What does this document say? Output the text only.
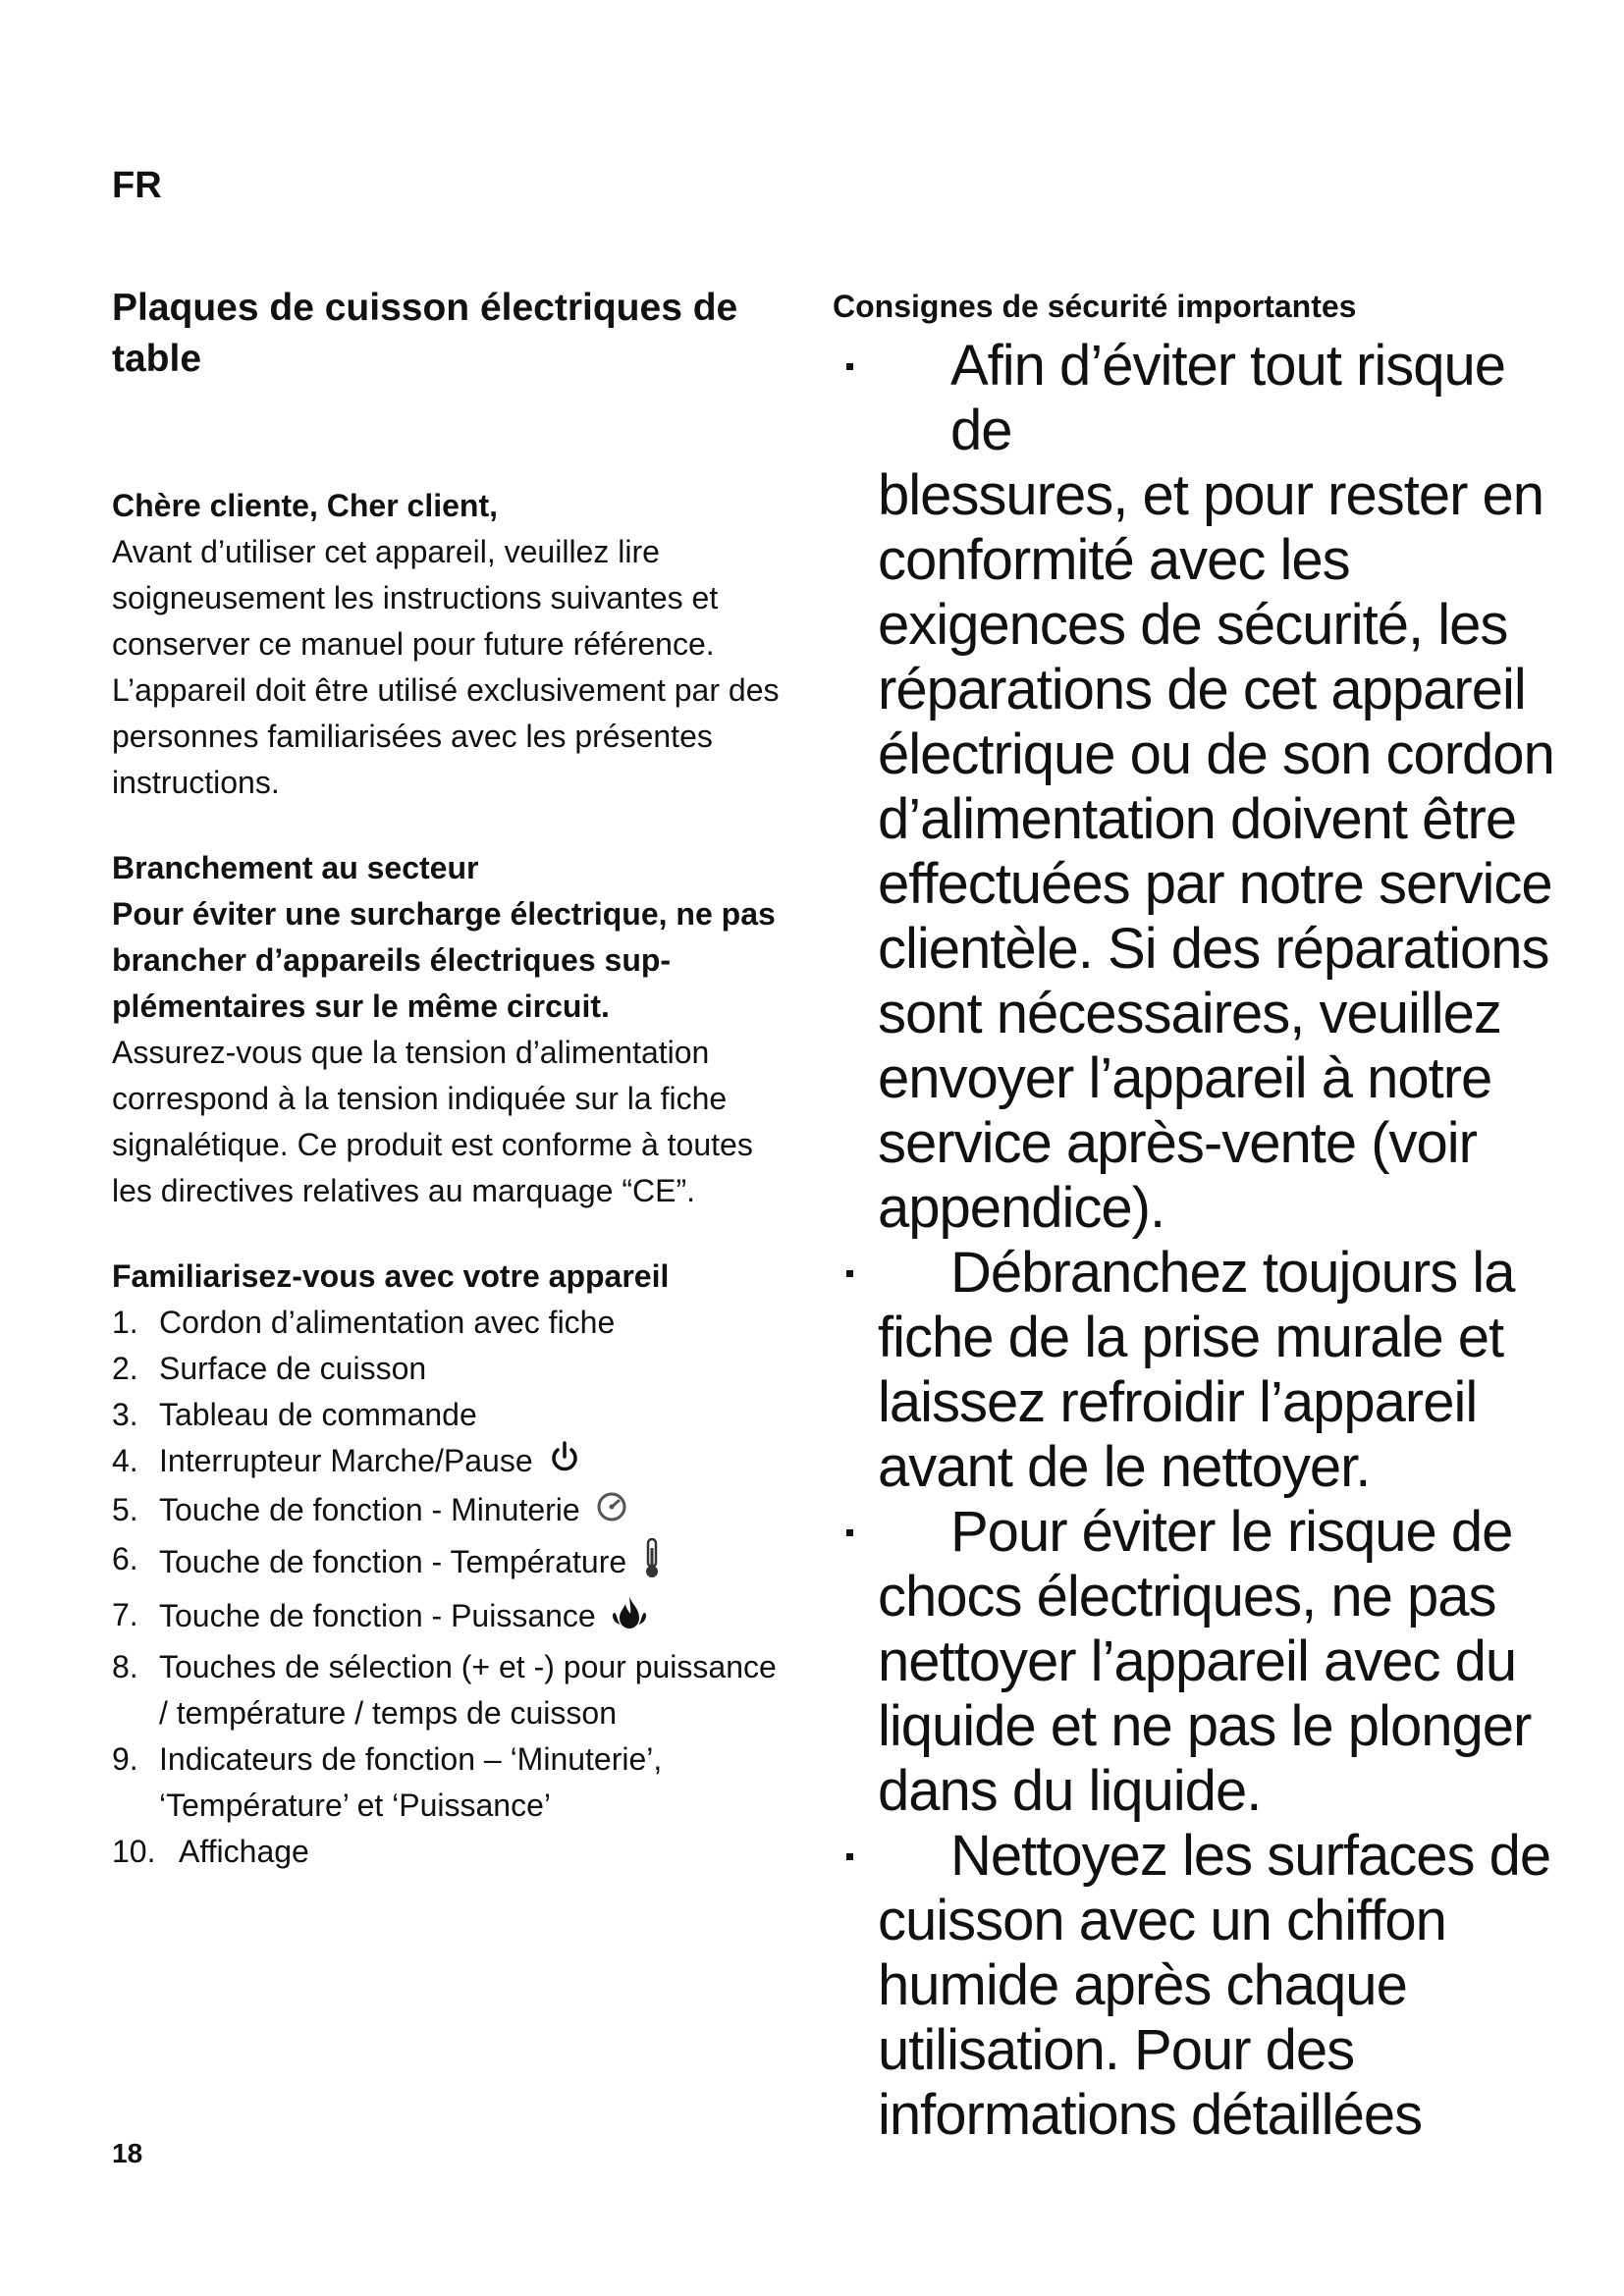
FR
Plaques de cuisson électriques de table

Chère cliente, Cher client,

Avant d’utiliser cet appareil, veuillez lire soigneusement les instructions suivantes et conserver ce manuel pour future référence. L’appareil doit être utilisé exclusivement par des personnes familiarisées avec les présentes instructions.

Branchement au secteur

Pour éviter une surcharge électrique, ne pas brancher d’appareils électriques sup-plémentaires sur le même circuit.

Assurez-vous que la tension d’alimentation correspond à la tension indiquée sur la fiche signalétique. Ce produit est conforme à toutes les directives relatives au marquage “CE”.

Familiarisez-vous avec votre appareil

1. Cordon d’alimentation avec fiche
2. Surface de cuisson
3. Tableau de commande
4. Interrupteur Marche/Pause
5. Touche de fonction - Minuterie
6. Touche de fonction - Température
7. Touche de fonction - Puissance
8. Touches de sélection (+ et -) pour puissance / température / temps de cuisson
9. Indicateurs de fonction – ‘Minuterie’, ‘Température’ et ‘Puissance’
10. Affichage

Consignes de sécurité importantes

Afin d’éviter tout risque de
blessures, et pour rester en conformité avec les exigences de sécurité, les réparations de cet appareil électrique ou de son cordon d’alimentation doivent être effectuées par notre service clientèle. Si des réparations sont nécessaires, veuillez envoyer l’appareil à notre service après-vente (voir appendice).
Débranchez toujours la
fiche de la prise murale et laissez refroidir l’appareil avant de le nettoyer.
Pour éviter le risque de
chocs électriques, ne pas nettoyer l’appareil avec du liquide et ne pas le plonger dans du liquide.
Nettoyez les surfaces de
cuisson avec un chiffon humide après chaque utilisation. Pour des informations détaillées
18
